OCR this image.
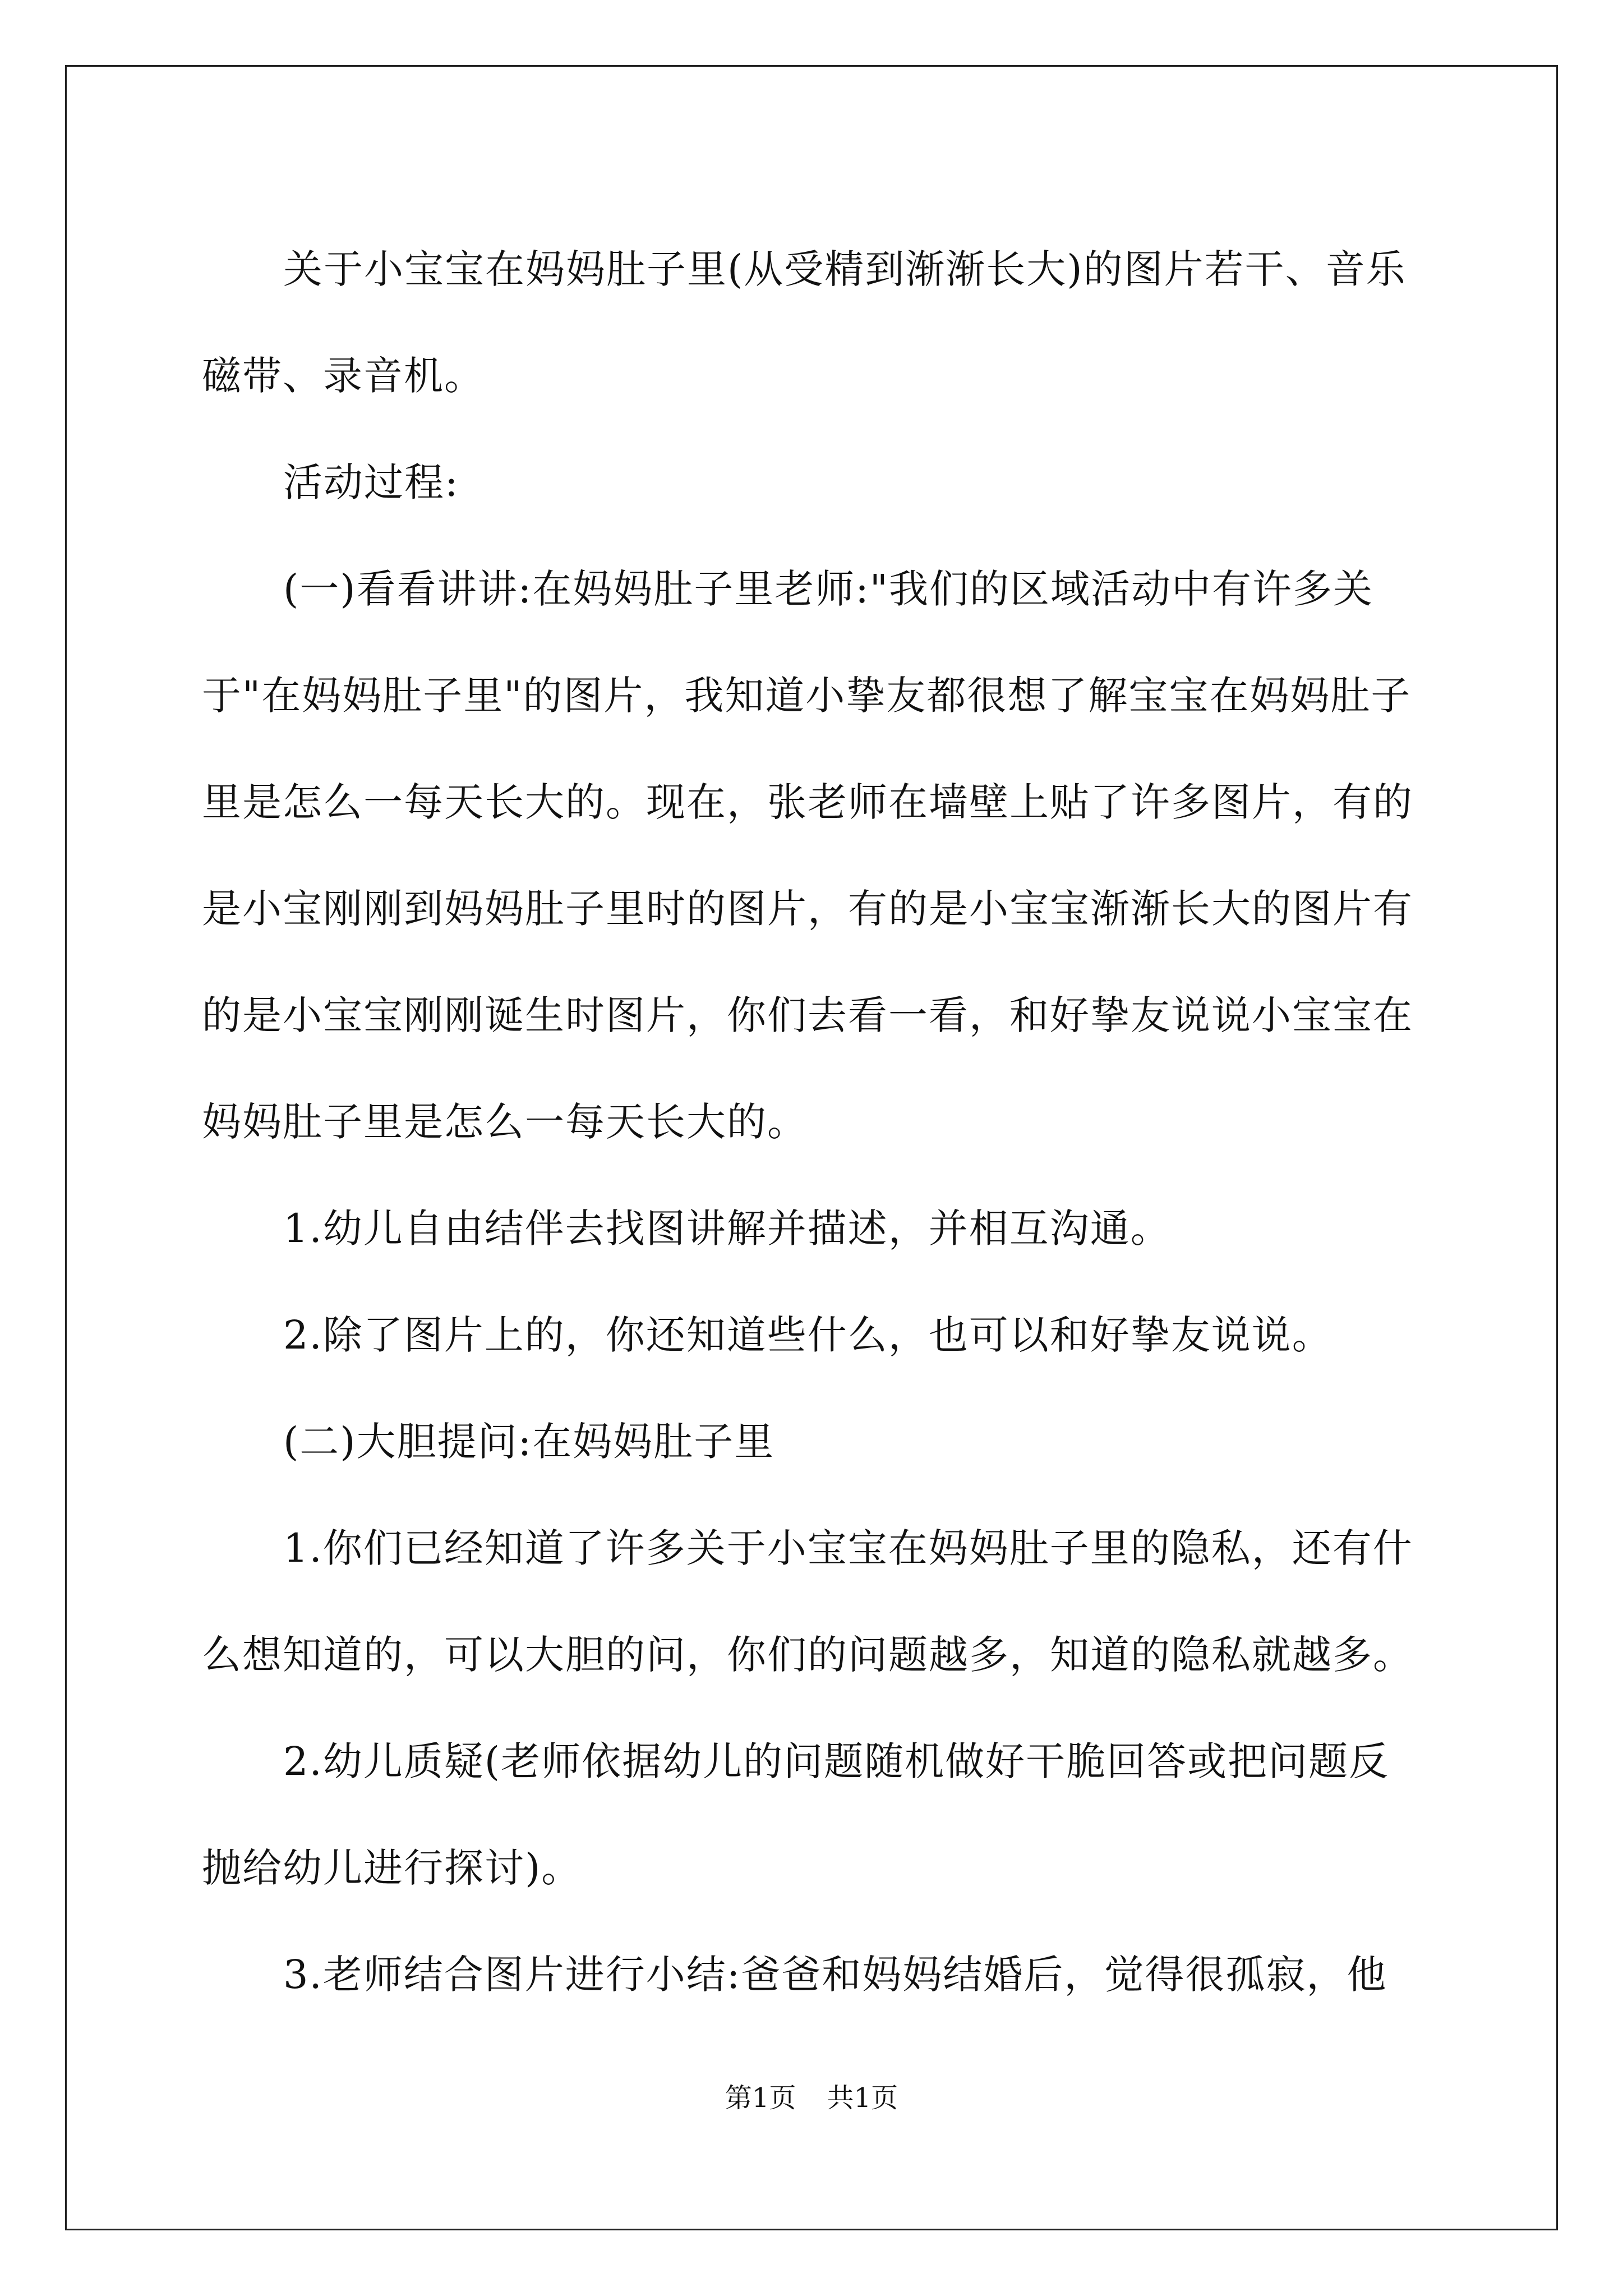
关于小宝宝在妈妈肚子里(从受精到渐渐长大)的图片若干、音乐
磁带、录音机。
活动过程:
(一)看看讲讲:在妈妈肚子里老师:"我们的区域活动中有许多关
于"在妈妈肚子里"的图片，我知道小挚友都很想了解宝宝在妈妈肚子
里是怎么一每天长大的。现在，张老师在墙壁上贴了许多图片，有的
是小宝刚刚到妈妈肚子里时的图片，有的是小宝宝渐渐长大的图片有
的是小宝宝刚刚诞生时图片，你们去看一看，和好挚友说说小宝宝在
妈妈肚子里是怎么一每天长大的。
1.幼儿自由结伴去找图讲解并描述，并相互沟通。
2.除了图片上的，你还知道些什么，也可以和好挚友说说。
(二)大胆提问:在妈妈肚子里
1.你们已经知道了许多关于小宝宝在妈妈肚子里的隐私，还有什
么想知道的，可以大胆的问，你们的问题越多，知道的隐私就越多。
2.幼儿质疑(老师依据幼儿的问题随机做好干脆回答或把问题反
抛给幼儿进行探讨)。
3.老师结合图片进行小结:爸爸和妈妈结婚后，觉得很孤寂，他
第1页 共1页
